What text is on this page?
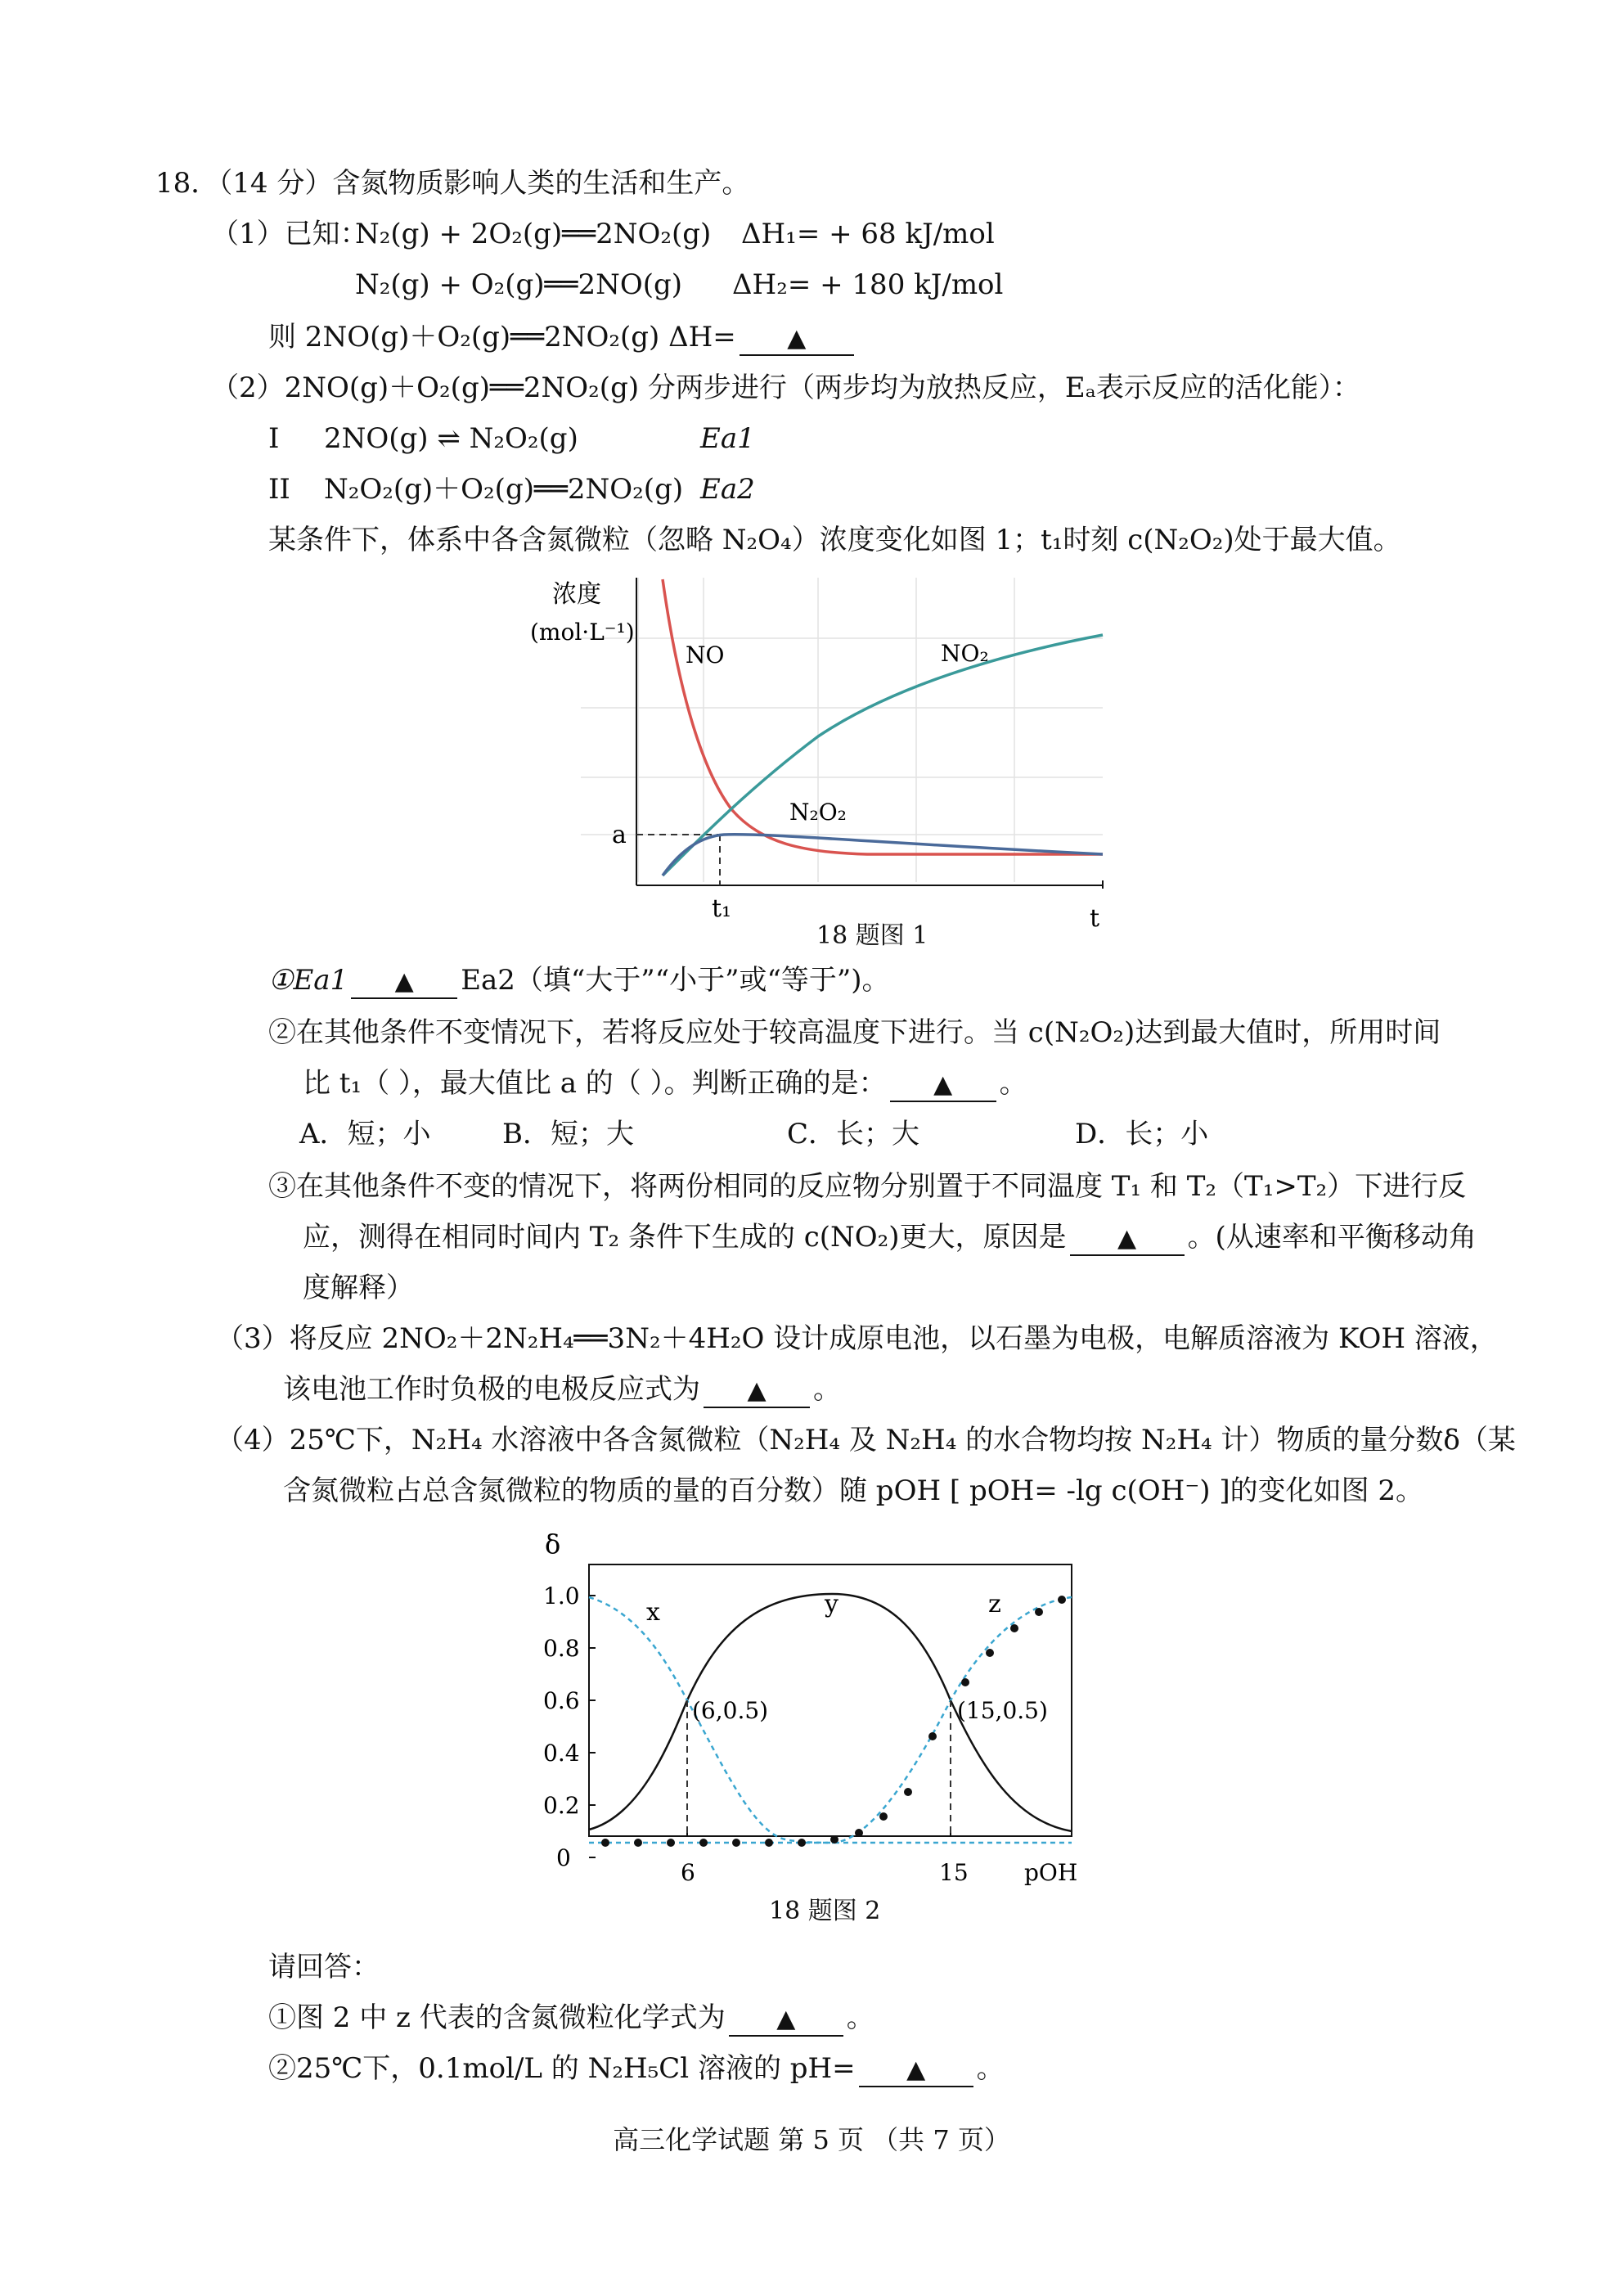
18．（14 分）含氮物质影响人类的生活和生产。
（1）已知：
N₂(g) + 2O₂(g)══2NO₂(g) ΔH₁= + 68 kJ/mol
N₂(g) + O₂(g)══2NO(g) ΔH₂= + 180 kJ/mol
则 2NO(g)＋O₂(g)══2NO₂(g) ΔH= ▲
（2）2NO(g)＋O₂(g)══2NO₂(g) 分两步进行（两步均为放热反应，Eₐ表示反应的活化能）：
I 2NO(g) ⇌ N₂O₂(g)	Ea1
II N₂O₂(g)＋O₂(g)══2NO₂(g) Ea2
某条件下，体系中各含氮微粒（忽略 N₂O₄）浓度变化如图 1；t₁时刻 c(N₂O₂)处于最大值。
浓度
(mol·L⁻¹)
a
t₁	t
NO	NO₂
N₂O₂
18 题图 1
①Ea1 ▲ Ea2（填“大于”“小于”或“等于”)。
②在其他条件不变情况下，若将反应处于较高温度下进行。当 c(N₂O₂)达到最大值时，所用时间
比 t₁（ ），最大值比 a 的（ ）。判断正确的是： ▲ 。
A．短；小	B．短；大	C．长；大	D．长；小
③在其他条件不变的情况下，将两份相同的反应物分别置于不同温度 T₁ 和 T₂（T₁>T₂）下进行反
应，测得在相同时间内 T₂ 条件下生成的 c(NO₂)更大，原因是 ▲ 。(从速率和平衡移动角
度解释）
（3）将反应 2NO₂＋2N₂H₄══3N₂＋4H₂O 设计成原电池，以石墨为电极，电解质溶液为 KOH 溶液，
该电池工作时负极的电极反应式为 ▲ 。
（4）25℃下，N₂H₄ 水溶液中各含氮微粒（N₂H₄ 及 N₂H₄ 的水合物均按 N₂H₄ 计）物质的量分数δ（某
含氮微粒占总含氮微粒的物质的量的百分数）随 pOH [ pOH= -lg c(OH⁻) ]的变化如图 2。
δ
1.0
0.8
0.6
0.4
0.2
0
6	15 pOH
(6,0.5)	(15,0.5)
x	y	z
18 题图 2
请回答：
①图 2 中 z 代表的含氮微粒化学式为 ▲ 。
②25℃下，0.1mol/L 的 N₂H₅Cl 溶液的 pH= ▲ 。
高三化学试题 第 5 页 （共 7 页）
